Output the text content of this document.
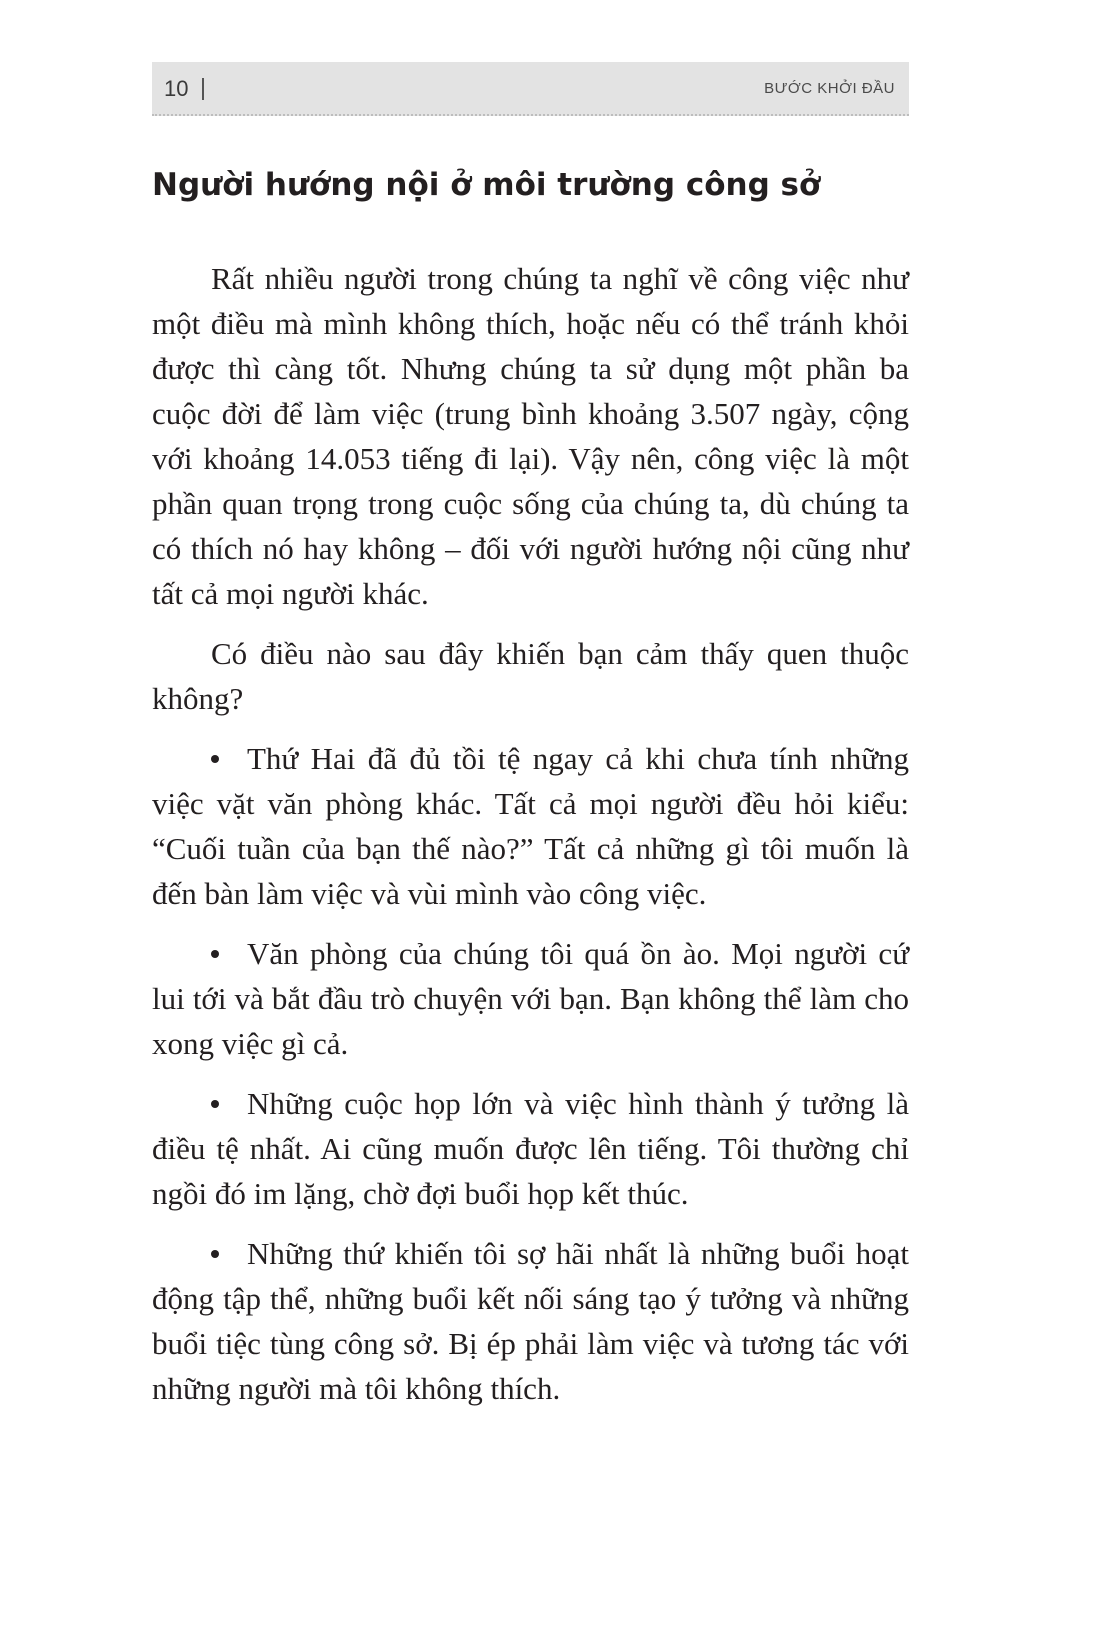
10	BƯỚC KHỞI ĐẦU
Người hướng nội ở môi trường công sở

Rất nhiều người trong chúng ta nghĩ về công việc như một điều mà mình không thích, hoặc nếu có thể tránh khỏi được thì càng tốt. Nhưng chúng ta sử dụng một phần ba cuộc đời để làm việc (trung bình khoảng 3.507 ngày, cộng với khoảng 14.053 tiếng đi lại). Vậy nên, công việc là một phần quan trọng trong cuộc sống của chúng ta, dù chúng ta có thích nó hay không – đối với người hướng nội cũng như tất cả mọi người khác.

Có điều nào sau đây khiến bạn cảm thấy quen thuộc không?

Thứ Hai đã đủ tồi tệ ngay cả khi chưa tính những việc vặt văn phòng khác. Tất cả mọi người đều hỏi kiểu: “Cuối tuần của bạn thế nào?” Tất cả những gì tôi muốn là đến bàn làm việc và vùi mình vào công việc.

Văn phòng của chúng tôi quá ồn ào. Mọi người cứ lui tới và bắt đầu trò chuyện với bạn. Bạn không thể làm cho xong việc gì cả.

Những cuộc họp lớn và việc hình thành ý tưởng là điều tệ nhất. Ai cũng muốn được lên tiếng. Tôi thường chỉ ngồi đó im lặng, chờ đợi buổi họp kết thúc.

Những thứ khiến tôi sợ hãi nhất là những buổi hoạt động tập thể, những buổi kết nối sáng tạo ý tưởng và những buổi tiệc tùng công sở. Bị ép phải làm việc và tương tác với những người mà tôi không thích.
